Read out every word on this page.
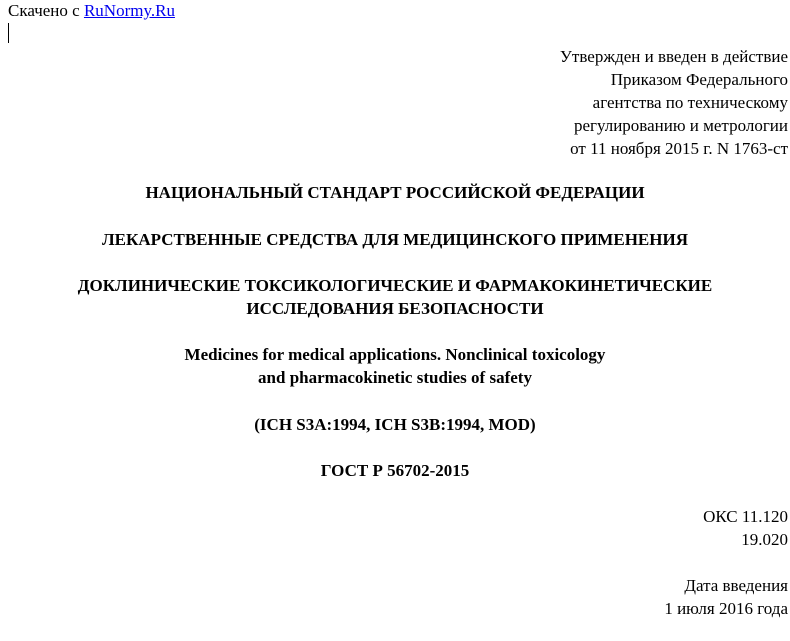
Скачено с RuNormy.Ru
Утвержден и введен в действие
Приказом Федерального
агентства по техническому
регулированию и метрологии
от 11 ноября 2015 г. N 1763-ст
НАЦИОНАЛЬНЫЙ СТАНДАРТ РОССИЙСКОЙ ФЕДЕРАЦИИ
ЛЕКАРСТВЕННЫЕ СРЕДСТВА ДЛЯ МЕДИЦИНСКОГО ПРИМЕНЕНИЯ
ДОКЛИНИЧЕСКИЕ ТОКСИКОЛОГИЧЕСКИЕ И ФАРМАКОКИНЕТИЧЕСКИЕ
ИССЛЕДОВАНИЯ БЕЗОПАСНОСТИ
Medicines for medical applications. Nonclinical toxicology
and pharmacokinetic studies of safety
(ICH S3A:1994, ICH S3B:1994, MOD)
ГОСТ Р 56702-2015
ОКС 11.120
19.020
Дата введения
1 июля 2016 года
